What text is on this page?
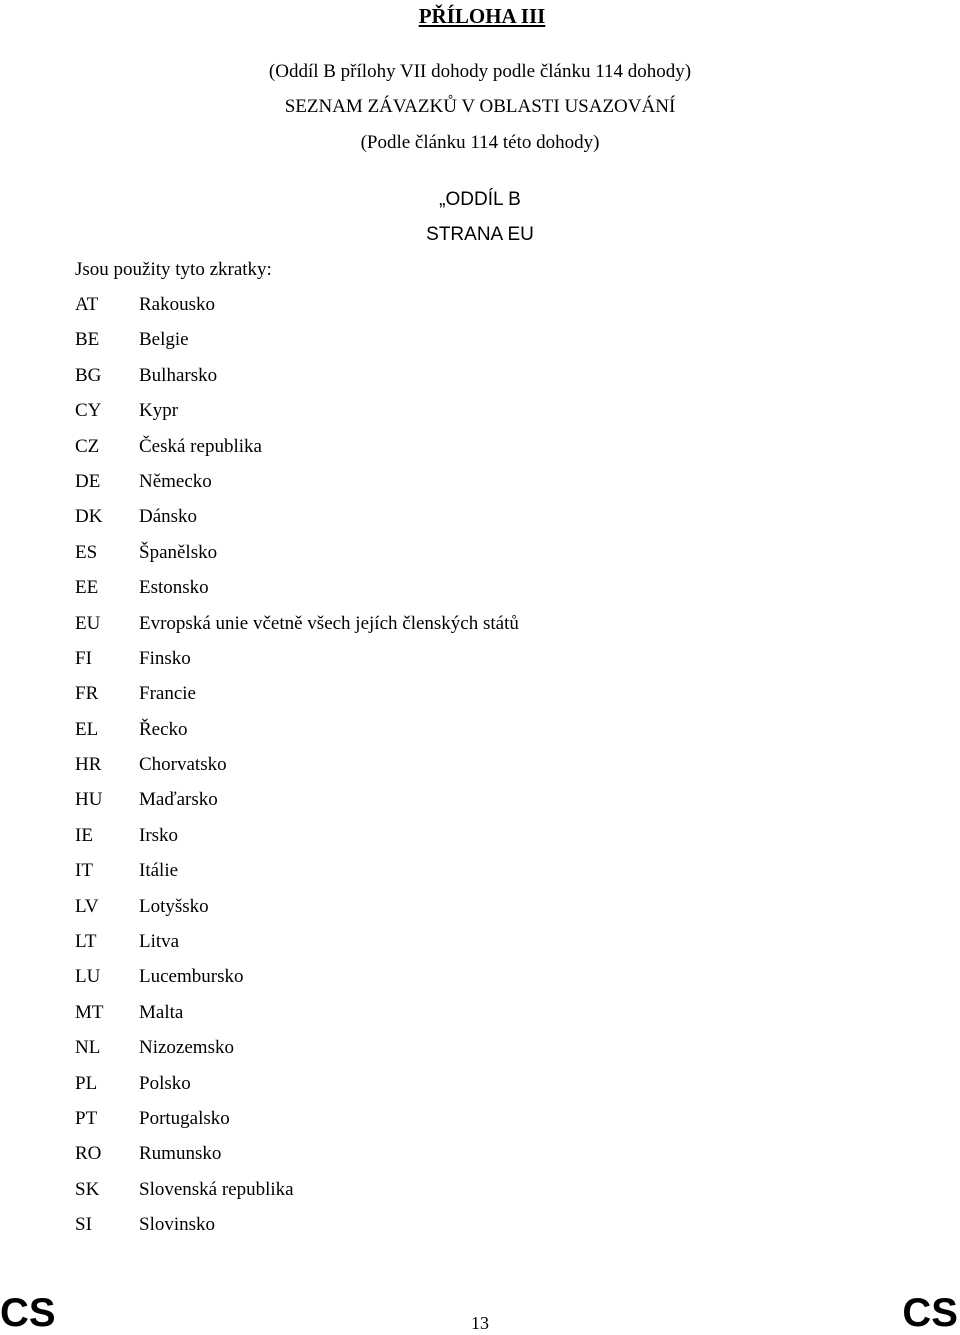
PŘÍLOHA III
(Oddíl B přílohy VII dohody podle článku 114 dohody)
SEZNAM ZÁVAZKŮ V OBLASTI USAZOVÁNÍ
(Podle článku 114 této dohody)
„ODDÍL B
STRANA EU
Jsou použity tyto zkratky:
AT	Rakousko
BE	Belgie
BG	Bulharsko
CY	Kypr
CZ	Česká republika
DE	Německo
DK	Dánsko
ES	Španělsko
EE	Estonsko
EU	Evropská unie včetně všech jejích členských států
FI	Finsko
FR	Francie
EL	Řecko
HR	Chorvatsko
HU	Maďarsko
IE	Irsko
IT	Itálie
LV	Lotyšsko
LT	Litva
LU	Lucembursko
MT	Malta
NL	Nizozemsko
PL	Polsko
PT	Portugalsko
RO	Rumunsko
SK	Slovenská republika
SI	Slovinsko
CS	13	CS
